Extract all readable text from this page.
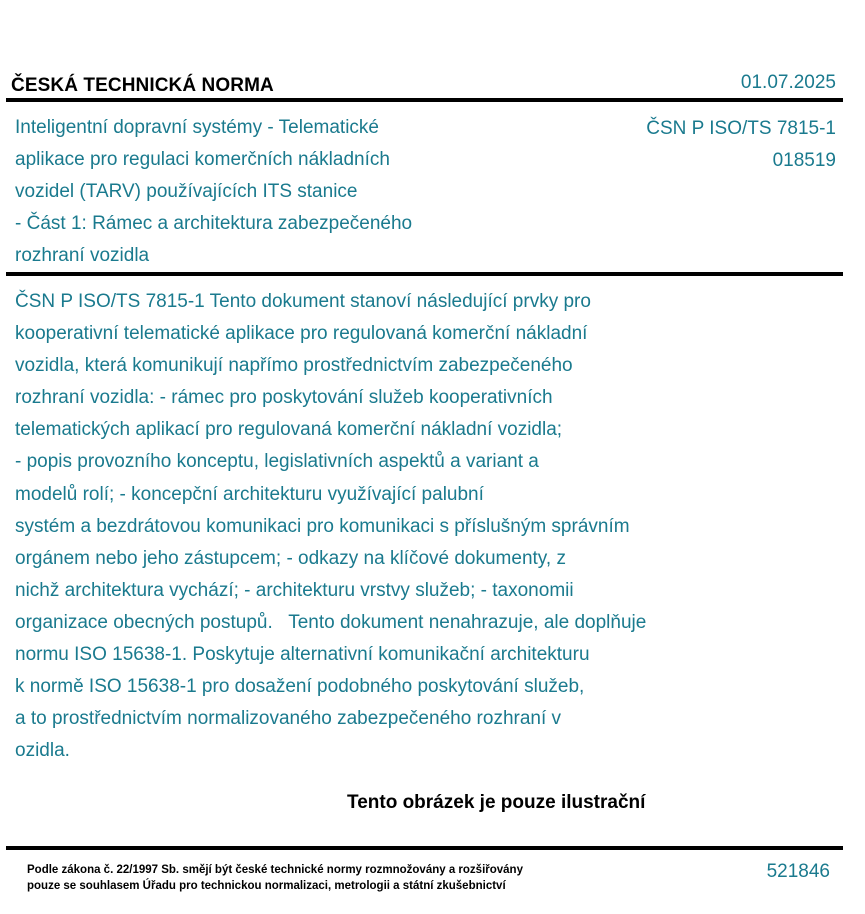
ČESKÁ TECHNICKÁ NORMA	01.07.2025
Inteligentní dopravní systémy - Telematické
aplikace pro regulaci komerčních nákladních
vozidel (TARV) používajících ITS stanice
- Část 1: Rámec a architektura zabezpečeného
rozhraní vozidla
ČSN P ISO/TS 7815-1
018519
ČSN P ISO/TS 7815-1 Tento dokument stanoví následující prvky pro
kooperativní telematické aplikace pro regulovaná komerční nákladní
vozidla, která komunikují napřímo prostřednictvím zabezpečeného
rozhraní vozidla: - rámec pro poskytování služeb kooperativních
telematických aplikací pro regulovaná komerční nákladní vozidla;
- popis provozního konceptu, legislativních aspektů a variant a
modelů rolí; - koncepční architekturu využívající palubní
systém a bezdrátovou komunikaci pro komunikaci s příslušným správním
orgánem nebo jeho zástupcem; - odkazy na klíčové dokumenty, z
nichž architektura vychází; - architekturu vrstvy služeb; - taxonomii
organizace obecných postupů.   Tento dokument nenahrazuje, ale doplňuje
normu ISO 15638-1. Poskytuje alternativní komunikační architekturu
k normě ISO 15638-1 pro dosažení podobného poskytování služeb,
a to prostřednictvím normalizovaného zabezpečeného rozhraní v
ozidla.
Tento obrázek je pouze ilustrační
Podle zákona č. 22/1997 Sb. smějí být české technické normy rozmnožovány a rozšiřovány
pouze se souhlasem Úřadu pro technickou normalizaci, metrologii a státní zkušebnictví
521846
